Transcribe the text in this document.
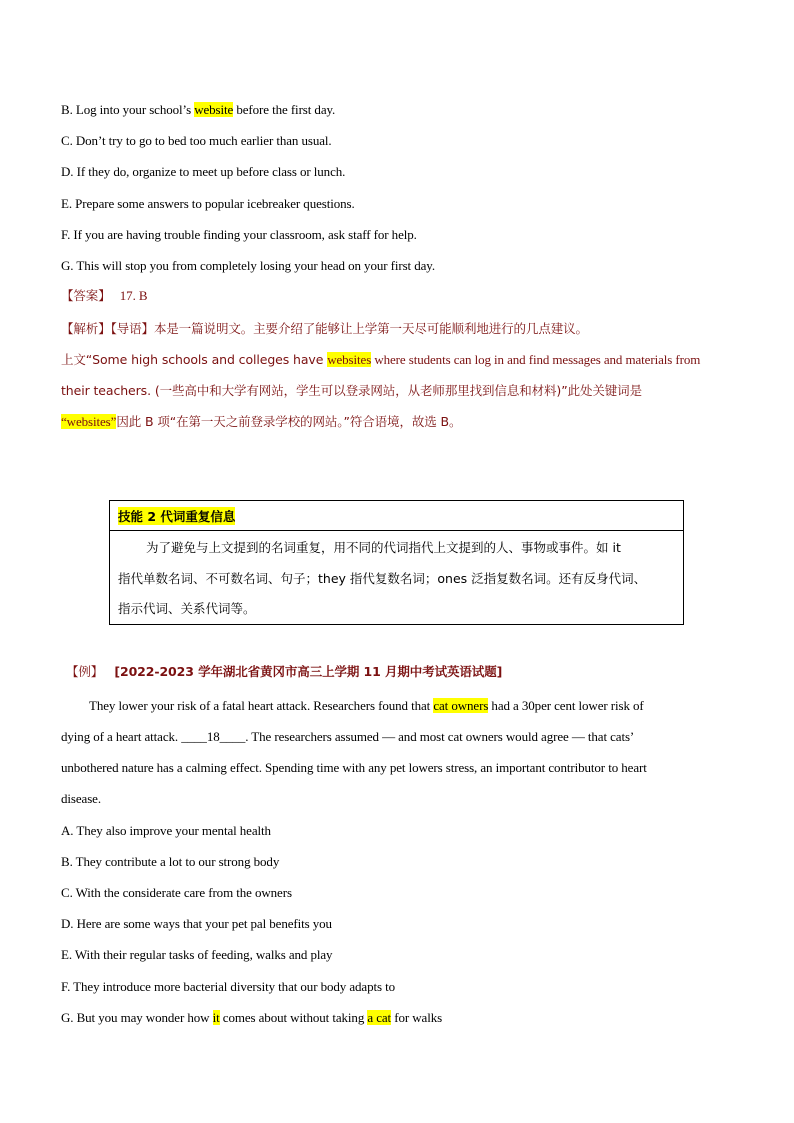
B. Log into your school’s website before the first day.
C. Don’t try to go to bed too much earlier than usual.
D. If they do, organize to meet up before class or lunch.
E. Prepare some answers to popular icebreaker questions.
F. If you are having trouble finding your classroom, ask staff for help.
G. This will stop you from completely losing your head on your first day.
【答案】 17. B
【解析】【导语】本是一篇说明文。主要介绍了能够让上学第一天尽可能顺利地进行的几点建议。
上文“Some high schools and colleges have websites where students can log in and find messages and materials from
their teachers. (一些高中和大学有网站，学生可以登录网站，从老师那里找到信息和材料)”此处关键词是
“websites”因此 B 项“在第一天之前登录学校的网站。”符合语境，故选 B。
技能 2 代词重复信息
为了避免与上文提到的名词重复，用不同的代词指代上文提到的人、事物或事件。如 it
指代单数名词、不可数名词、句子；they 指代复数名词；ones 泛指复数名词。还有反身代词、
指示代词、关系代词等。
【例】 [2022-2023 学年湖北省黄冈市高三上学期 11 月期中考试英语试题]
They lower your risk of a fatal heart attack. Researchers found that cat owners had a 30per cent lower risk of
dying of a heart attack. ____18____. The researchers assumed — and most cat owners would agree — that cats’
unbothered nature has a calming effect. Spending time with any pet lowers stress, an important contributor to heart
disease.
A. They also improve your mental health
B. They contribute a lot to our strong body
C. With the considerate care from the owners
D. Here are some ways that your pet pal benefits you
E. With their regular tasks of feeding, walks and play
F. They introduce more bacterial diversity that our body adapts to
G. But you may wonder how it comes about without taking a cat for walks
